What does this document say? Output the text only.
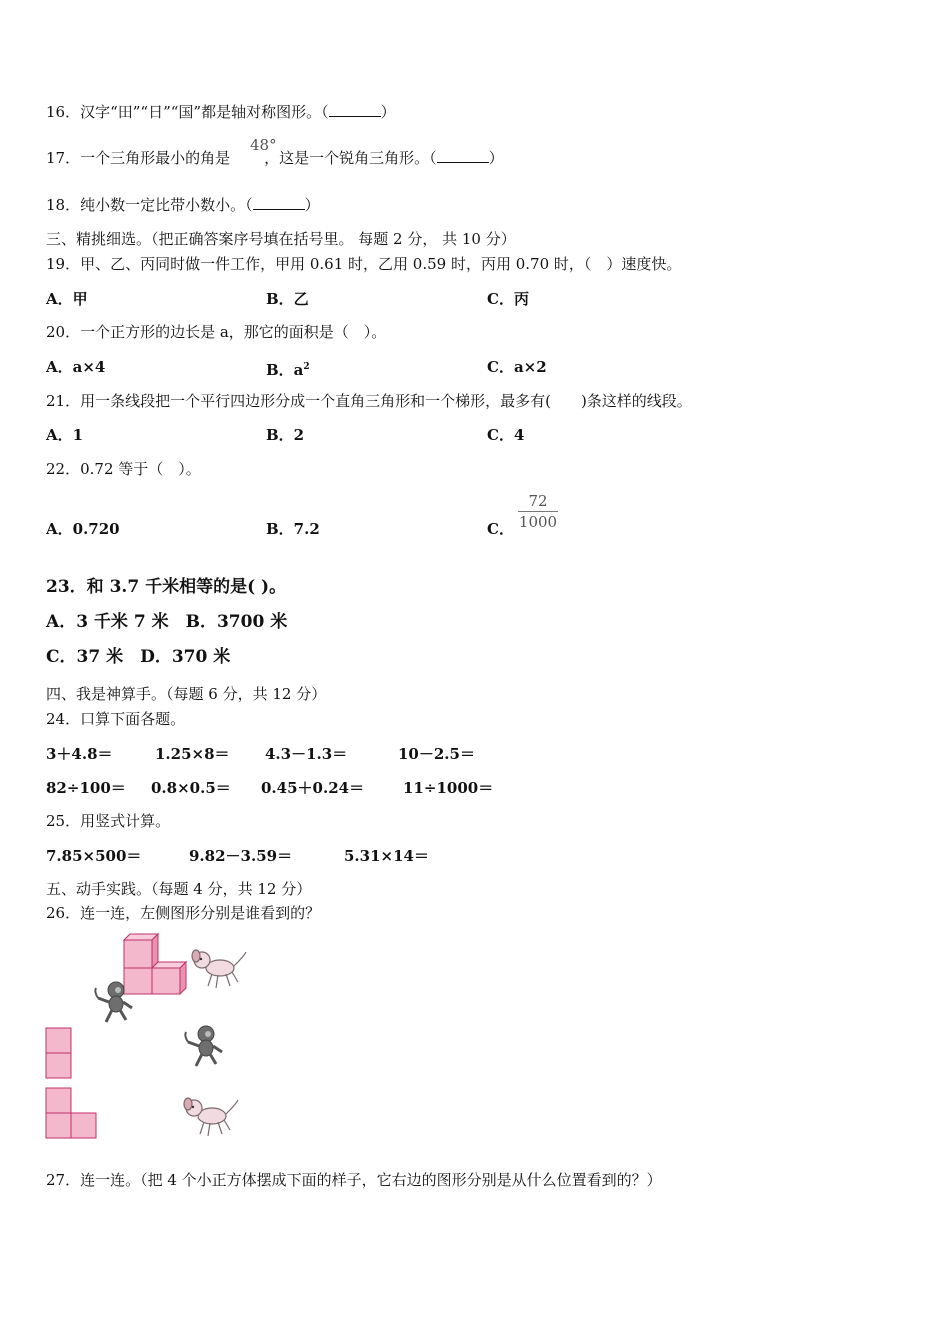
16．汉字“田”“日”“国”都是轴对称图形。（	）
48°
17．一个三角形最小的角是 ，这是一个锐角三角形。（	）
18．纯小数一定比带小数小。（	）
三、精挑细选。（把正确答案序号填在括号里。 每题 2 分， 共 10 分）
19．甲、乙、丙同时做一件工作，甲用 0.61 时，乙用 0.59 时，丙用 0.70 时，（　）速度快。
A．甲	B．乙	C．丙
20．一个正方形的边长是 a，那它的面积是（　）。
A．a×4	B．$a^2$	C．a×2
21．用一条线段把一个平行四边形分成一个直角三角形和一个梯形，最多有(　　)条这样的线段。
A．1	B．2	C．4
22．0.72 等于（　）。
A．0.720	B．7.2	C． $\frac{72}{1000}$
23．和 3.7 千米相等的是( )。
A．3 千米 7 米　B．3700 米
C．37 米　D．370 米
四、我是神算手。（每题 6 分，共 12 分）
24．口算下面各题。
3＋4.8＝	1.25×8＝ 4.3－1.3＝	10－2.5＝
82÷100＝ 0.8×0.5＝ 0.45＋0.24＝	11÷1000＝
25．用竖式计算。
7.85×500＝	9.82－3.59＝	5.31×14＝
五、动手实践。（每题 4 分，共 12 分）
26．连一连，左侧图形分别是谁看到的？
27．连一连。（把 4 个小正方体摆成下面的样子，它右边的图形分别是从什么位置看到的？）
